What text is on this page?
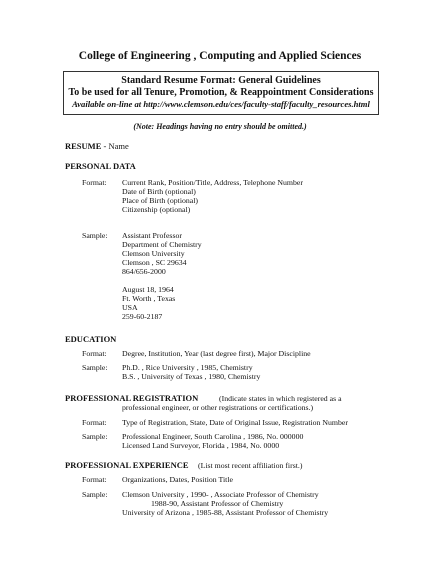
College of Engineering , Computing and Applied Sciences
Standard Resume Format: General Guidelines
To be used for all Tenure, Promotion, & Reappointment Considerations
Available on-line at http://www.clemson.edu/ces/faculty-staff/faculty_resources.html
(Note: Headings having no entry should be omitted.)
RESUME - Name
PERSONAL DATA
Format: Current Rank, Position/Title, Address, Telephone Number
Date of Birth (optional)
Place of Birth (optional)
Citizenship (optional)
Sample: Assistant Professor
Department of Chemistry
Clemson University
Clemson , SC 29634
864/656-2000
August 18, 1964
Ft. Worth , Texas
USA
259-60-2187
EDUCATION
Format: Degree, Institution, Year (last degree first), Major Discipline
Sample: Ph.D. , Rice University , 1985, Chemistry
B.S. , University of Texas , 1980, Chemistry
PROFESSIONAL REGISTRATION	(Indicate states in which registered as a
professional engineer, or other registrations or certifications.)
Format: Type of Registration, State, Date of Original Issue, Registration Number
Sample: Professional Engineer, South Carolina , 1986, No. 000000
Licensed Land Surveyor, Florida , 1984, No. 0000
PROFESSIONAL EXPERIENCE (List most recent affiliation first.)
Format: Organizations, Dates, Position Title
Sample: Clemson University , 1990- , Associate Professor of Chemistry
1988-90, Assistant Professor of Chemistry
University of Arizona , 1985-88, Assistant Professor of Chemistry
